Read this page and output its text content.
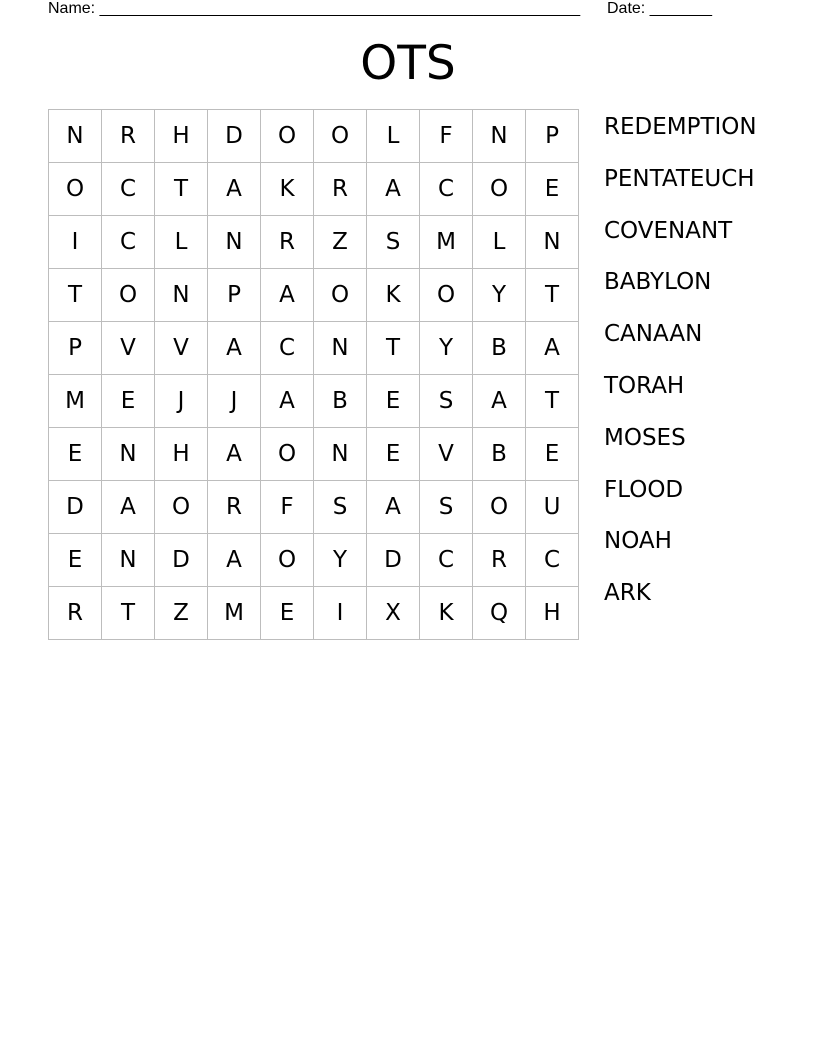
Name: ______________________________________________________ Date: _______
OTS
N	R	H	D	O	O	L	F	N	P
O	C	T	A	K	R	A	C	O	E
I	C	L	N	R	Z	S	M	L	N
T	O	N	P	A	O	K	O	Y	T
P	V	V	A	C	N	T	Y	B	A
M	E	J	J	A	B	E	S	A	T
E	N	H	A	O	N	E	V	B	E
D	A	O	R	F	S	A	S	O	U
E	N	D	A	O	Y	D	C	R	C
R	T	Z	M	E	I	X	K	Q	H
REDEMPTION
PENTATEUCH
COVENANT
BABYLON
CANAAN
TORAH
MOSES
FLOOD
NOAH
ARK
